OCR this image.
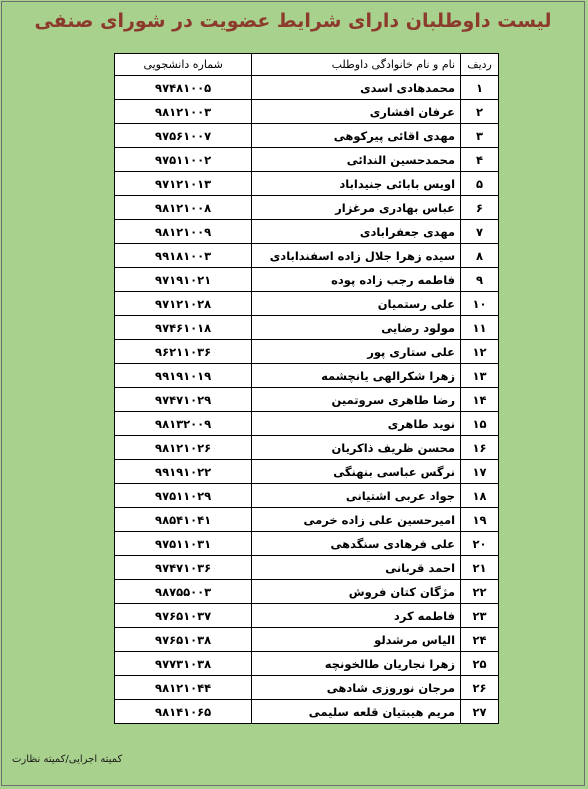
لیست داوطلبان دارای شرایط عضویت در شورای صنفی
ردیف	نام و نام خانوادگی داوطلب	شماره دانشجویی
۱	محمدهادی اسدی	۹۷۴۸۱۰۰۵
۲	عرفان افشاری	۹۸۱۲۱۰۰۳
۳	مهدی اقائی پیرکوهی	۹۷۵۶۱۰۰۷
۴	محمدحسین الندائی	۹۷۵۱۱۰۰۲
۵	اویس بابائی جنیداباد	۹۷۱۲۱۰۱۳
۶	عباس بهادری مرغزار	۹۸۱۲۱۰۰۸
۷	مهدی جعفرابادی	۹۸۱۲۱۰۰۹
۸	سیده زهرا جلال زاده اسفندابادی	۹۹۱۸۱۰۰۳
۹	فاطمه رجب زاده پوده	۹۷۱۹۱۰۲۱
۱۰	علی رستمیان	۹۷۱۲۱۰۲۸
۱۱	مولود رضایی	۹۷۴۶۱۰۱۸
۱۲	علی ستاری پور	۹۶۲۱۱۰۳۶
۱۳	زهرا شکرالهی یانچشمه	۹۹۱۹۱۰۱۹
۱۴	رضا طاهری سروتمین	۹۷۴۷۱۰۲۹
۱۵	نوید طاهری	۹۸۱۳۲۰۰۹
۱۶	محسن ظریف ذاکریان	۹۸۱۲۱۰۲۶
۱۷	نرگس عباسی بنهنگی	۹۹۱۹۱۰۲۲
۱۸	جواد عربی اشتیانی	۹۷۵۱۱۰۲۹
۱۹	امیرحسین علی زاده خرمی	۹۸۵۴۱۰۴۱
۲۰	علی فرهادی سنگدهی	۹۷۵۱۱۰۳۱
۲۱	احمد قربانی	۹۷۴۷۱۰۳۶
۲۲	مژگان کتان فروش	۹۸۷۵۵۰۰۳
۲۳	فاطمه کرد	۹۷۶۵۱۰۳۷
۲۴	الیاس مرشدلو	۹۷۶۵۱۰۳۸
۲۵	زهرا نجاریان طالخونچه	۹۷۷۳۱۰۳۸
۲۶	مرجان نوروزی شادهی	۹۸۱۲۱۰۴۴
۲۷	مریم هیبتیان قلعه سلیمی	۹۸۱۴۱۰۶۵
کمیته اجرایی/کمیته نظارت
